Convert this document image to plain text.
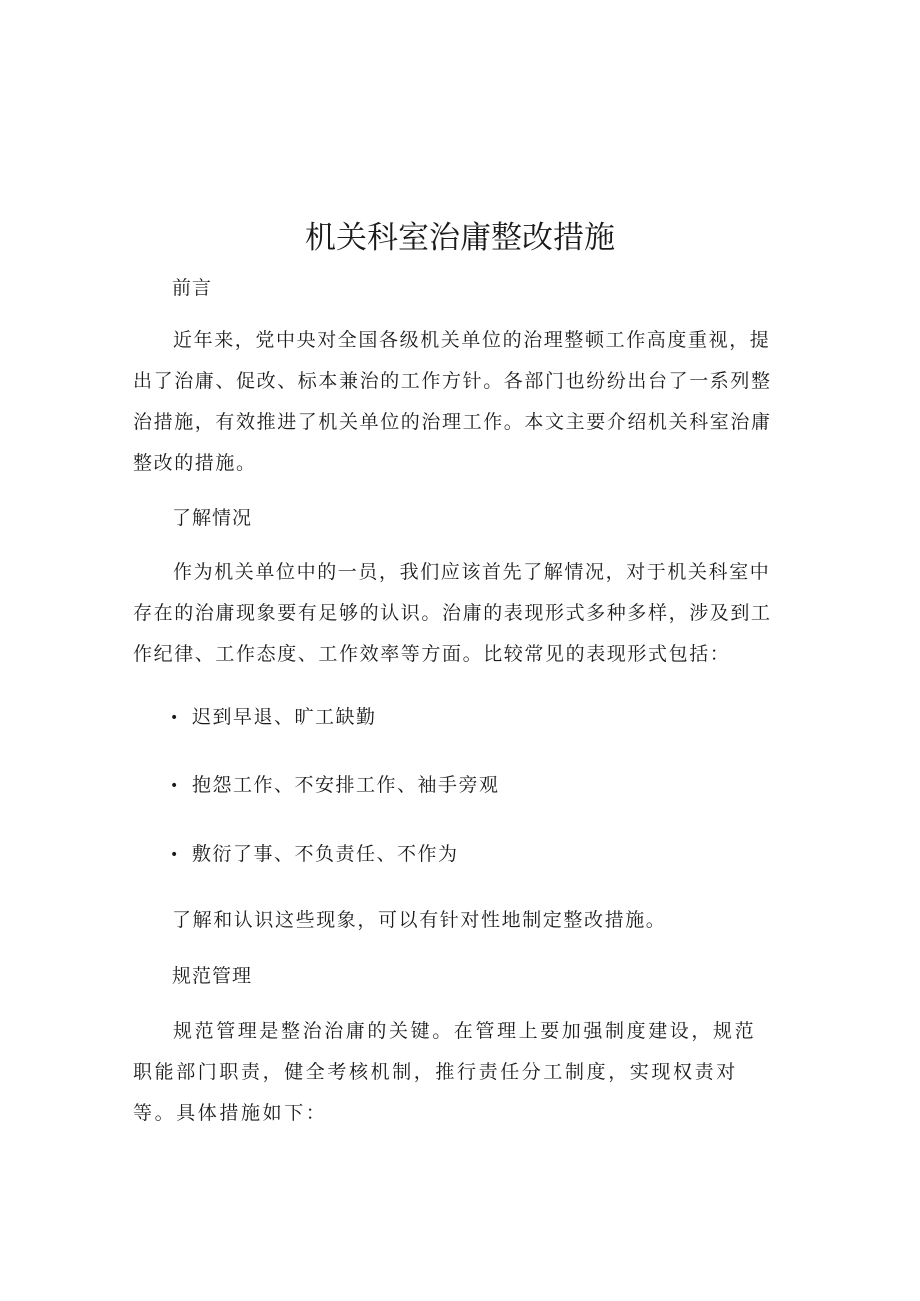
机关科室治庸整改措施
前言
近年来，党中央对全国各级机关单位的治理整顿工作高度重视，提出了治庸、促改、标本兼治的工作方针。各部门也纷纷出台了一系列整治措施，有效推进了机关单位的治理工作。本文主要介绍机关科室治庸整改的措施。
了解情况
作为机关单位中的一员，我们应该首先了解情况，对于机关科室中存在的治庸现象要有足够的认识。治庸的表现形式多种多样，涉及到工作纪律、工作态度、工作效率等方面。比较常见的表现形式包括：
• 迟到早退、旷工缺勤
• 抱怨工作、不安排工作、袖手旁观
• 敷衍了事、不负责任、不作为
了解和认识这些现象，可以有针对性地制定整改措施。
规范管理
规范管理是整治治庸的关键。在管理上要加强制度建设，规范职能部门职责，健全考核机制，推行责任分工制度，实现权责对等。具体措施如下：
